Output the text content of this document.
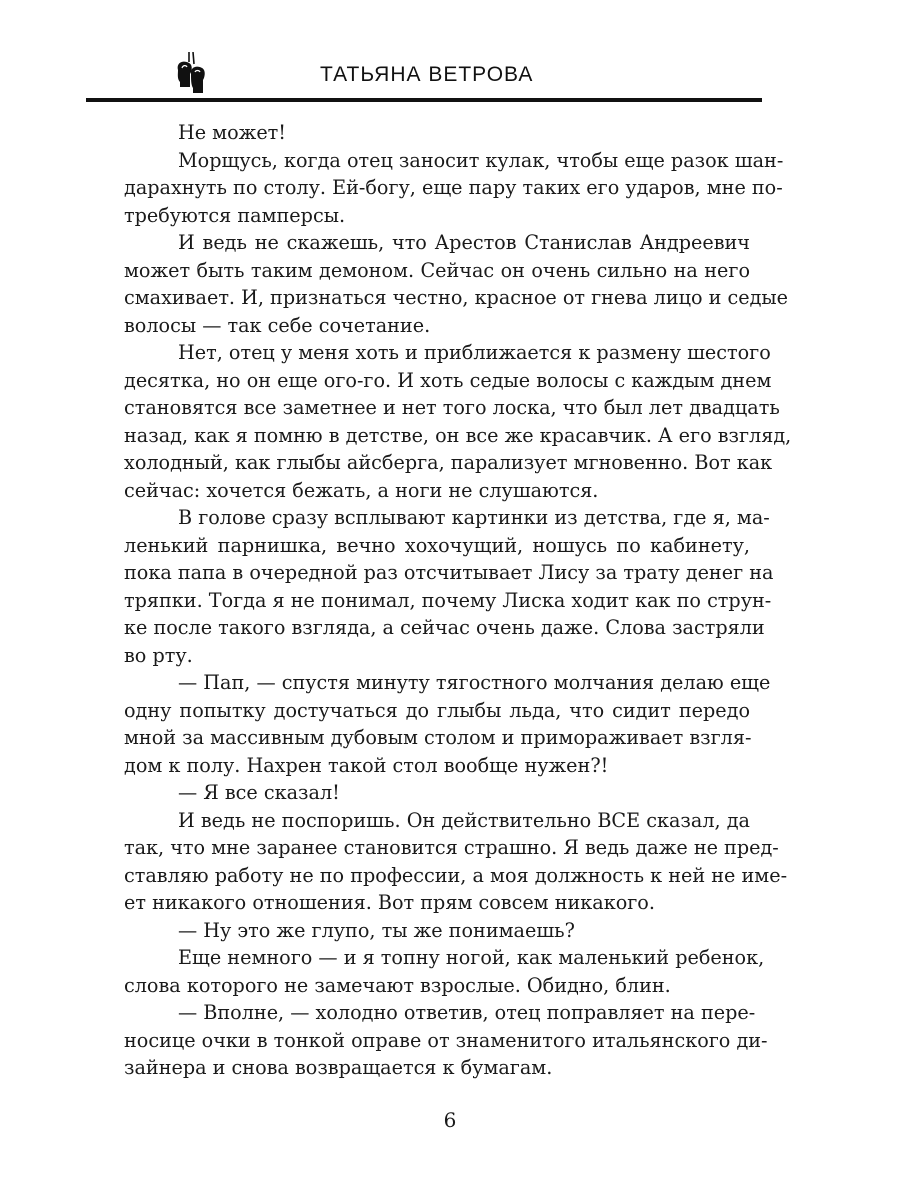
ТАТЬЯНА ВЕТРОВА

Не может!

Морщусь, когда отец заносит кулак, чтобы еще разок шан-
дарахнуть по столу. Ей-богу, еще пару таких его ударов, мне по-
требуются памперсы.

И ведь не скажешь, что Арестов Станислав Андреевич
может быть таким демоном. Сейчас он очень сильно на него
смахивает. И, признаться честно, красное от гнева лицо и седые
волосы — так себе сочетание.

Нет, отец у меня хоть и приближается к размену шестого
десятка, но он еще ого-го. И хоть седые волосы с каждым днем
становятся все заметнее и нет того лоска, что был лет двадцать
назад, как я помню в детстве, он все же красавчик. А его взгляд,
холодный, как глыбы айсберга, парализует мгновенно. Вот как
сейчас: хочется бежать, а ноги не слушаются.

В голове сразу всплывают картинки из детства, где я, ма-
ленький парнишка, вечно хохочущий, ношусь по кабинету,
пока папа в очередной раз отсчитывает Лису за трату денег на
тряпки. Тогда я не понимал, почему Лиска ходит как по струн-
ке после такого взгляда, а сейчас очень даже. Слова застряли
во рту.

— Пап, — спустя минуту тягостного молчания делаю еще
одну попытку достучаться до глыбы льда, что сидит передо
мной за массивным дубовым столом и примораживает взгля-
дом к полу. Нахрен такой стол вообще нужен?!

— Я все сказал!

И ведь не поспоришь. Он действительно ВСЕ сказал, да
так, что мне заранее становится страшно. Я ведь даже не пред-
ставляю работу не по профессии, а моя должность к ней не име-
ет никакого отношения. Вот прям совсем никакого.

— Ну это же глупо, ты же понимаешь?

Еще немного — и я топну ногой, как маленький ребенок,
слова которого не замечают взрослые. Обидно, блин.

— Вполне, — холодно ответив, отец поправляет на пере-
носице очки в тонкой оправе от знаменитого итальянского ди-
зайнера и снова возвращается к бумагам.

6
